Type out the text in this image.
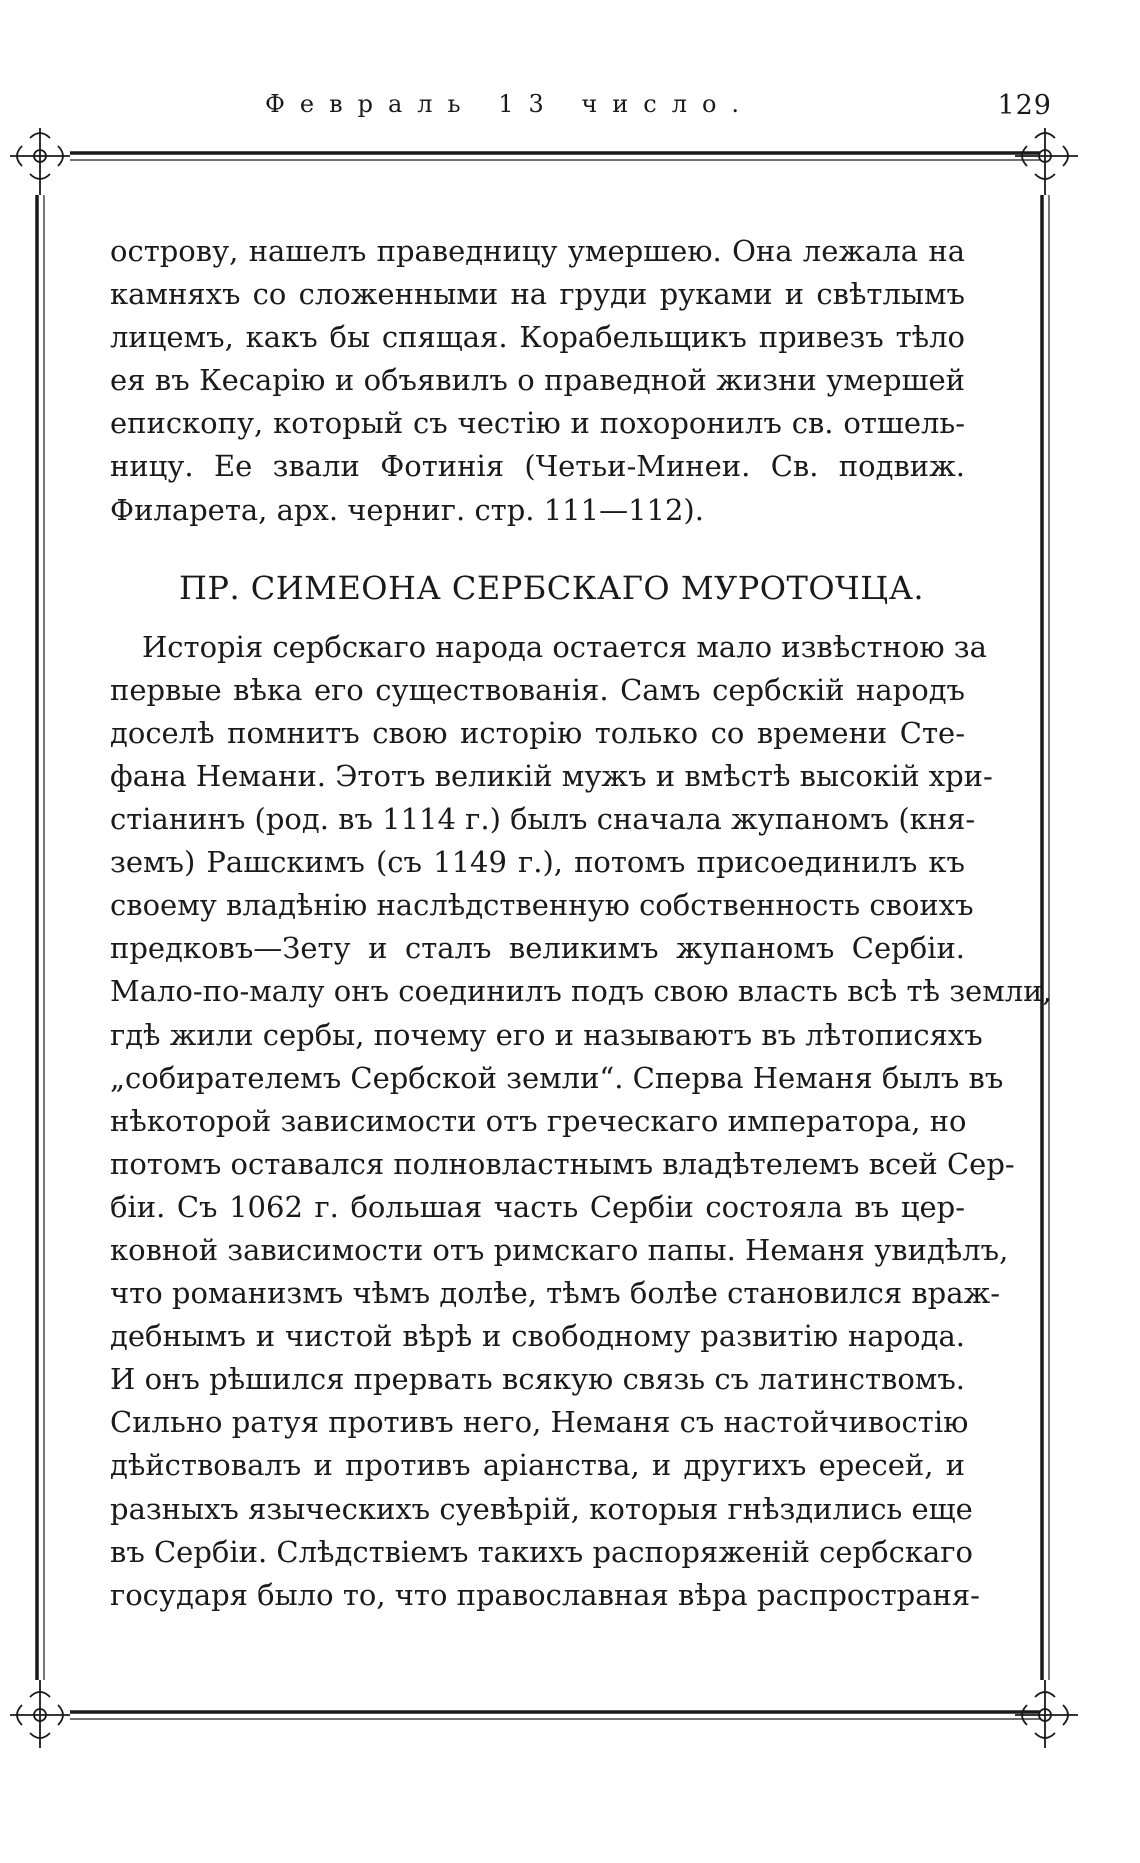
Февраль 13 число.	129
острову, нашелъ праведницу умершею. Она лежала на
камняхъ со сложенными на груди руками и свѣтлымъ
лицемъ, какъ бы спящая. Корабельщикъ привезъ тѣло
ея въ Кесарію и объявилъ о праведной жизни умершей
епископу, который съ честію и похоронилъ св. отшель-
ницу. Ее звали Фотинія (Четьи-Минеи. Св. подвиж.
Филарета, арх. черниг. стр. 111—112).
ПР. СИМЕОНА СЕРБСКАГО МУРОТОЧЦА.
Исторія сербскаго народа остается мало извѣстною за
первые вѣка его существованія. Самъ сербскій народъ
доселѣ помнитъ свою исторію только со времени Сте-
фана Немани. Этотъ великій мужъ и вмѣстѣ высокій хри-
стіанинъ (род. въ 1114 г.) былъ сначала жупаномъ (кня-
земъ) Рашскимъ (съ 1149 г.), потомъ присоединилъ къ
своему владѣнію наслѣдственную собственность своихъ
предковъ—Зету и сталъ великимъ жупаномъ Сербіи.
Мало-по-малу онъ соединилъ подъ свою власть всѣ тѣ земли,
гдѣ жили сербы, почему его и называютъ въ лѣтописяхъ
„собирателемъ Сербской земли“. Сперва Неманя былъ въ
нѣкоторой зависимости отъ греческаго императора, но
потомъ оставался полновластнымъ владѣтелемъ всей Сер-
біи. Съ 1062 г. большая часть Сербіи состояла въ цер-
ковной зависимости отъ римскаго папы. Неманя увидѣлъ,
что романизмъ чѣмъ долѣе, тѣмъ болѣе становился враж-
дебнымъ и чистой вѣрѣ и свободному развитію народа.
И онъ рѣшился прервать всякую связь съ латинствомъ.
Сильно ратуя противъ него, Неманя съ настойчивостію
дѣйствовалъ и противъ аріанства, и другихъ ересей, и
разныхъ языческихъ суевѣрій, которыя гнѣздились еще
въ Сербіи. Слѣдствіемъ такихъ распоряженій сербскаго
государя было то, что православная вѣра распространя-
